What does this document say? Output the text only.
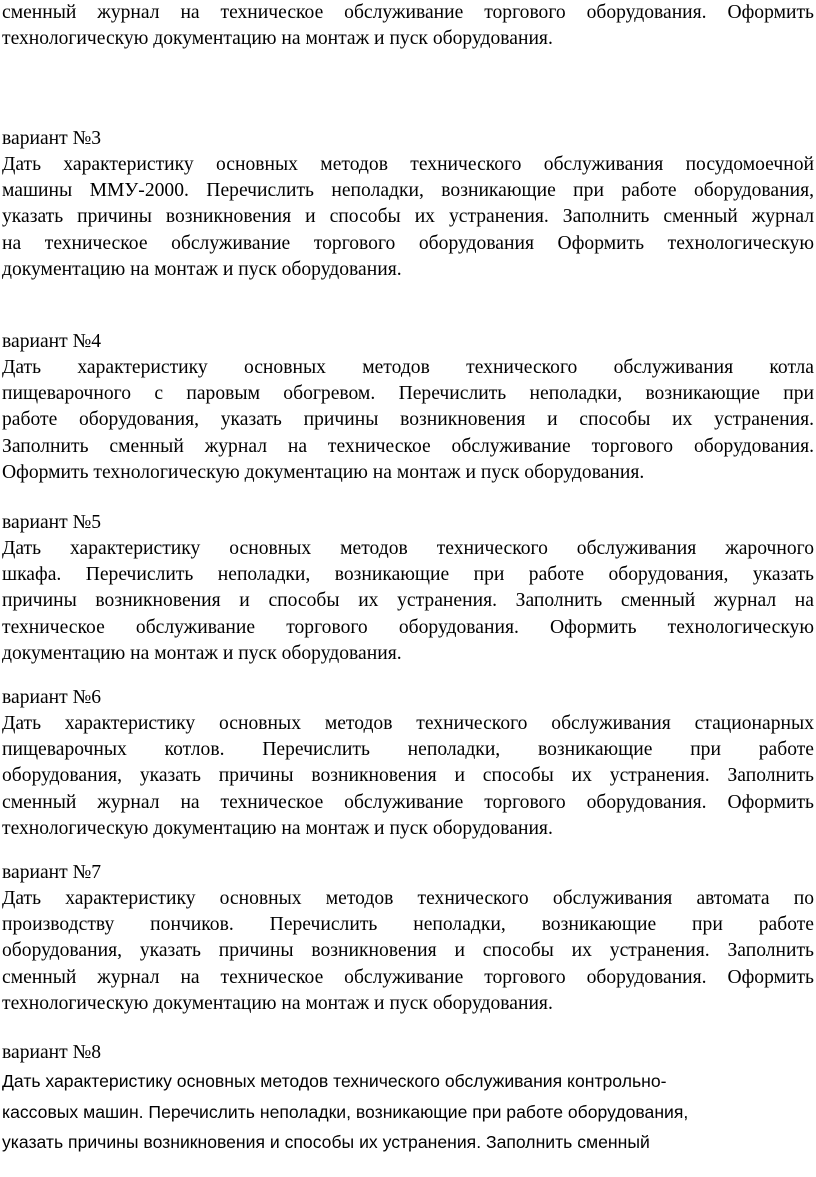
сменный журнал на техническое обслуживание торгового оборудования. Оформить
технологическую документацию на монтаж и пуск оборудования.

вариант №3

Дать характеристику основных методов технического обслуживания посудомоечной
машины ММУ-2000. Перечислить неполадки, возникающие при работе оборудования,
указать причины возникновения и способы их устранения. Заполнить сменный журнал
на техническое обслуживание торгового оборудования Оформить технологическую
документацию на монтаж и пуск оборудования.

вариант №4

Дать характеристику основных методов технического обслуживания котла
пищеварочного с паровым обогревом. Перечислить неполадки, возникающие при
работе оборудования, указать причины возникновения и способы их устранения.
Заполнить сменный журнал на техническое обслуживание торгового оборудования.
Оформить технологическую документацию на монтаж и пуск оборудования.

вариант №5

Дать характеристику основных методов технического обслуживания жарочного
шкафа. Перечислить неполадки, возникающие при работе оборудования, указать
причины возникновения и способы их устранения. Заполнить сменный журнал на
техническое обслуживание торгового оборудования. Оформить технологическую
документацию на монтаж и пуск оборудования.

вариант №6

Дать характеристику основных методов технического обслуживания стационарных
пищеварочных котлов. Перечислить неполадки, возникающие при работе
оборудования, указать причины возникновения и способы их устранения. Заполнить
сменный журнал на техническое обслуживание торгового оборудования. Оформить
технологическую документацию на монтаж и пуск оборудования.

вариант №7

Дать характеристику основных методов технического обслуживания автомата по
производству пончиков. Перечислить неполадки, возникающие при работе
оборудования, указать причины возникновения и способы их устранения. Заполнить
сменный журнал на техническое обслуживание торгового оборудования. Оформить
технологическую документацию на монтаж и пуск оборудования.

вариант №8

Дать характеристику основных методов технического обслуживания контрольно-
кассовых машин. Перечислить неполадки, возникающие при работе оборудования,
указать причины возникновения и способы их устранения. Заполнить сменный
